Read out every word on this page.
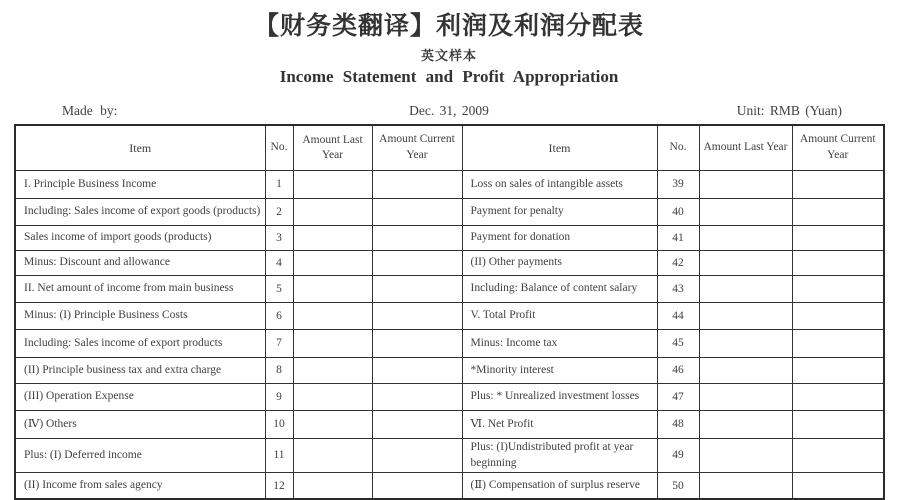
【财务类翻译】利润及利润分配表
英文样本
Income Statement and Profit Appropriation
Made by:	Dec. 31, 2009	Unit: RMB (Yuan)
Item	No.	Amount Last Year	Amount Current Year	Item	No.	Amount Last Year	Amount Current Year
I. Principle Business Income	1			Loss on sales of intangible assets	39		
Including: Sales income of export goods (products)	2			Payment for penalty	40		
Sales income of import goods (products)	3			Payment for donation	41		
Minus: Discount and allowance	4			(II) Other payments	42		
II. Net amount of income from main business	5			Including: Balance of content salary	43		
Minus: (I) Principle Business Costs	6			V. Total Profit	44		
Including: Sales income of export products	7			Minus: Income tax	45		
(II) Principle business tax and extra charge	8			*Minority interest	46		
(III) Operation Expense	9			Plus: * Unrealized investment losses	47		
(Ⅳ) Others	10			Ⅵ. Net Profit	48		
Plus: (I) Deferred income	11			Plus: (I)Undistributed profit at year beginning	49		
(II) Income from sales agency	12			(Ⅱ) Compensation of surplus reserve	50		
